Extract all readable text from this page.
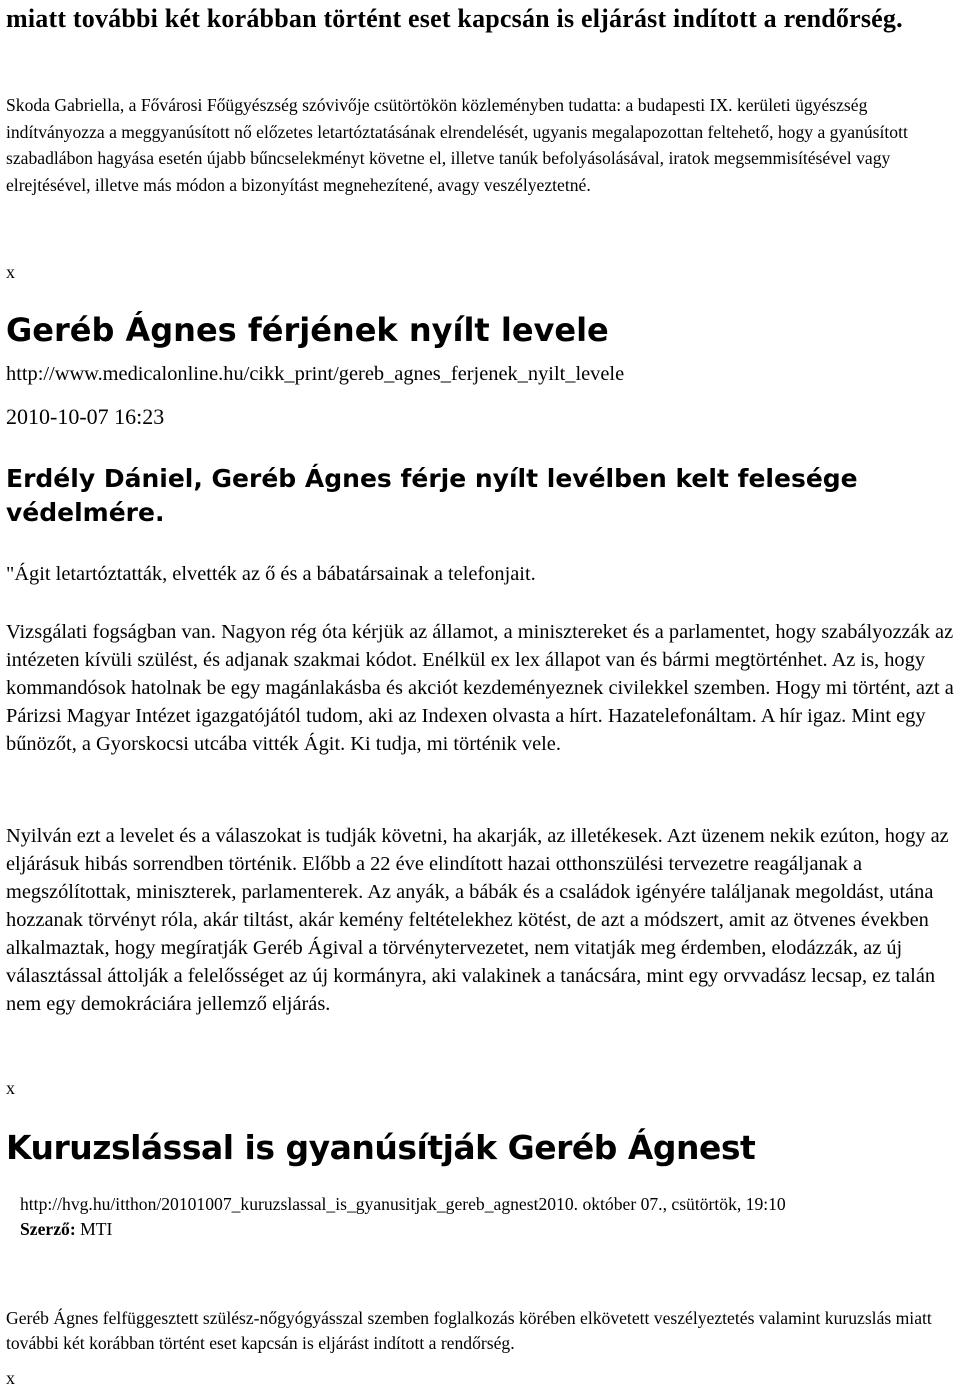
miatt további két korábban történt eset kapcsán is eljárást indított a rendőrség.

Skoda Gabriella, a Fővárosi Főügyészség szóvivője csütörtökön közleményben tudatta: a budapesti IX. kerületi ügyészség indítványozza a meggyanúsított nő előzetes letartóztatásának elrendelését, ugyanis megalapozottan feltehető, hogy a gyanúsított szabadlábon hagyása esetén újabb bűncselekményt követne el, illetve tanúk befolyásolásával, iratok megsemmisítésével vagy elrejtésével, illetve más módon a bizonyítást megnehezítené, avagy veszélyeztetné.

x
Geréb Ágnes férjének nyílt levele

http://www.medicalonline.hu/cikk_print/gereb_agnes_ferjenek_nyilt_levele

2010-10-07 16:23

Erdély Dániel, Geréb Ágnes férje nyílt levélben kelt felesége védelmére.

"Ágit letartóztatták, elvették az ő és a bábatársainak a telefonjait.

Vizsgálati fogságban van. Nagyon rég óta kérjük az államot, a minisztereket és a parlamentet, hogy szabályozzák az intézeten kívüli szülést, és adjanak szakmai kódot. Enélkül ex lex állapot van és bármi megtörténhet. Az is, hogy kommandósok hatolnak be egy magánlakásba és akciót kezdeményeznek civilekkel szemben. Hogy mi történt, azt a Párizsi Magyar Intézet igazgatójától tudom, aki az Indexen olvasta a hírt. Hazatelefonáltam. A hír igaz. Mint egy bűnözőt, a Gyorskocsi utcába vitték Ágit. Ki tudja, mi történik vele.

Nyilván ezt a levelet és a válaszokat is tudják követni, ha akarják, az illetékesek. Azt üzenem nekik ezúton, hogy az eljárásuk hibás sorrendben történik. Előbb a 22 éve elindított hazai otthonszülési tervezetre reagáljanak a megszólítottak, miniszterek, parlamenterek. Az anyák, a bábák és a családok igényére találjanak megoldást, utána hozzanak törvényt róla, akár tiltást, akár kemény feltételekhez kötést, de azt a módszert, amit az ötvenes években alkalmaztak, hogy megíratják Geréb Ágival a törvénytervezetet, nem vitatják meg érdemben, elodázzák, az új választással áttolják a felelősséget az új kormányra, aki valakinek a tanácsára, mint egy orvvadász lecsap, ez talán nem egy demokráciára jellemző eljárás.

x
Kuruzslással is gyanúsítják Geréb Ágnest

http://hvg.hu/itthon/20101007_kuruzslassal_is_gyanusitjak_gereb_agnest2010. október 07., csütörtök, 19:10

Szerző: MTI

Geréb Ágnes felfüggesztett szülész-nőgyógyásszal szemben foglalkozás körében elkövetett veszélyeztetés valamint kuruzslás miatt további két korábban történt eset kapcsán is eljárást indított a rendőrség.

x
